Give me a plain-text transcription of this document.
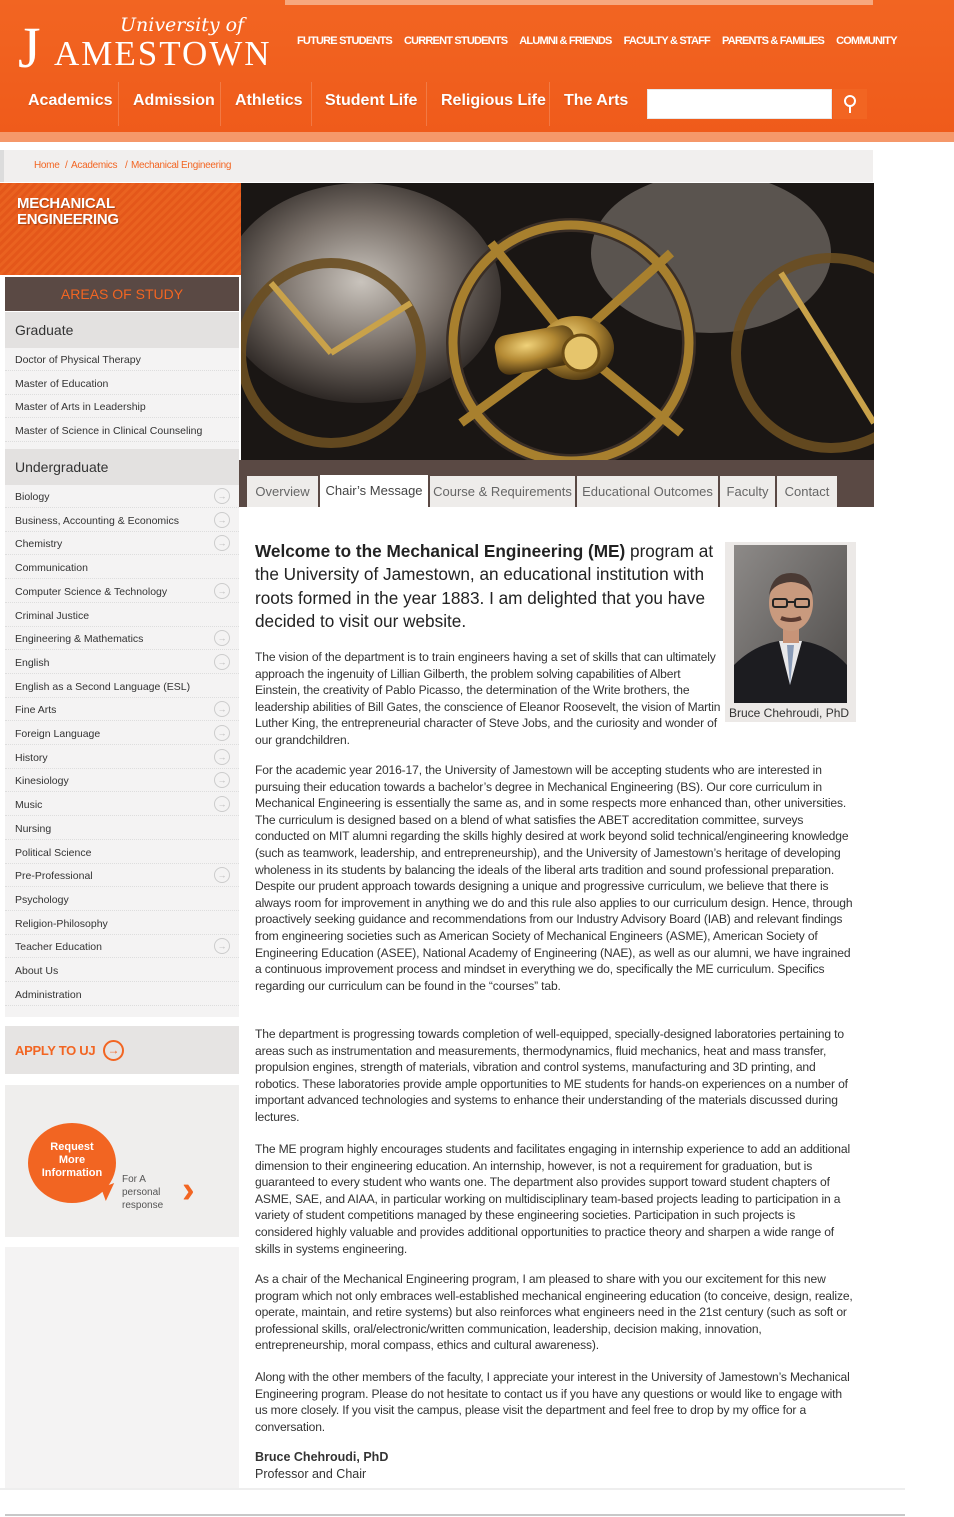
University of
J AMESTOWN FUTURE STUDENTS CURRENT STUDENTS ALUMNI & FRIENDS FACULTY & STAFF PARENTS & FAMILIES COMMUNITY
Academics Admission Athletics Student Life Religious Life The Arts
Home / Academics / Mechanical Engineering
MECHANICAL ENGINEERING
AREAS OF STUDY
Graduate
Doctor of Physical Therapy
Master of Education
Master of Arts in Leadership
Master of Science in Clinical Counseling
Undergraduate
Biology	→
Business, Accounting & Economics	→
Chemistry	→
Communication
Computer Science & Technology	→
Criminal Justice
Engineering & Mathematics	→
English	→
English as a Second Language (ESL)
Fine Arts	→
Foreign Language	→
History	→
Kinesiology	→
Music	→
Nursing
Political Science
Pre-Professional	→
Psychology
Religion-Philosophy
Teacher Education	→
About Us
Administration
APPLY TO UJ	→
Request
More
Information
For A
personal
response ›
Overview	Chair’s Message Course & Requirements Educational Outcomes	Faculty	Contact
Welcome to the Mechanical Engineering (ME) program at the University of Jamestown, an educational institution with roots formed in the year 1883. I am delighted that you have decided to visit our website.
Bruce Chehroudi, PhD
The vision of the department is to train engineers having a set of skills that can ultimately approach the ingenuity of Lillian Gilberth, the problem solving capabilities of Albert Einstein, the creativity of Pablo Picasso, the determination of the Write brothers, the leadership abilities of Bill Gates, the conscience of Eleanor Roosevelt, the vision of Martin Luther King, the entrepreneurial character of Steve Jobs, and the curiosity and wonder of our grandchildren.
For the academic year 2016-17, the University of Jamestown will be accepting students who are interested in pursuing their education towards a bachelor’s degree in Mechanical Engineering (BS). Our core curriculum in Mechanical Engineering is essentially the same as, and in some respects more enhanced than, other universities. The curriculum is designed based on a blend of what satisfies the ABET accreditation committee, surveys conducted on MIT alumni regarding the skills highly desired at work beyond solid technical/engineering knowledge (such as teamwork, leadership, and entrepreneurship), and the University of Jamestown’s heritage of developing wholeness in its students by balancing the ideals of the liberal arts tradition and sound professional preparation. Despite our prudent approach towards designing a unique and progressive curriculum, we believe that there is always room for improvement in anything we do and this rule also applies to our curriculum design. Hence, through proactively seeking guidance and recommendations from our Industry Advisory Board (IAB) and relevant findings from engineering societies such as American Society of Mechanical Engineers (ASME), American Society of Engineering Education (ASEE), National Academy of Engineering (NAE), as well as our alumni, we have ingrained a continuous improvement process and mindset in everything we do, specifically the ME curriculum. Specifics regarding our curriculum can be found in the “courses” tab.
The department is progressing towards completion of well-equipped, specially-designed laboratories pertaining to areas such as instrumentation and measurements, thermodynamics, fluid mechanics, heat and mass transfer, propulsion engines, strength of materials, vibration and control systems, manufacturing and 3D printing, and robotics. These laboratories provide ample opportunities to ME students for hands-on experiences on a number of important advanced technologies and systems to enhance their understanding of the materials discussed during lectures.
The ME program highly encourages students and facilitates engaging in internship experience to add an additional dimension to their engineering education. An internship, however, is not a requirement for graduation, but is guaranteed to every student who wants one. The department also provides support toward student chapters of ASME, SAE, and AIAA, in particular working on multidisciplinary team-based projects leading to participation in a variety of student competitions managed by these engineering societies. Participation in such projects is considered highly valuable and provides additional opportunities to practice theory and sharpen a wide range of skills in systems engineering.
As a chair of the Mechanical Engineering program, I am pleased to share with you our excitement for this new program which not only embraces well-established mechanical engineering education (to conceive, design, realize, operate, maintain, and retire systems) but also reinforces what engineers need in the 21st century (such as soft or professional skills, oral/electronic/written communication, leadership, decision making, innovation, entrepreneurship, moral compass, ethics and cultural awareness).
Along with the other members of the faculty, I appreciate your interest in the University of Jamestown’s Mechanical Engineering program. Please do not hesitate to contact us if you have any questions or would like to engage with us more closely. If you visit the campus, please visit the department and feel free to drop by my office for a conversation.
Bruce Chehroudi, PhD
Professor and Chair
